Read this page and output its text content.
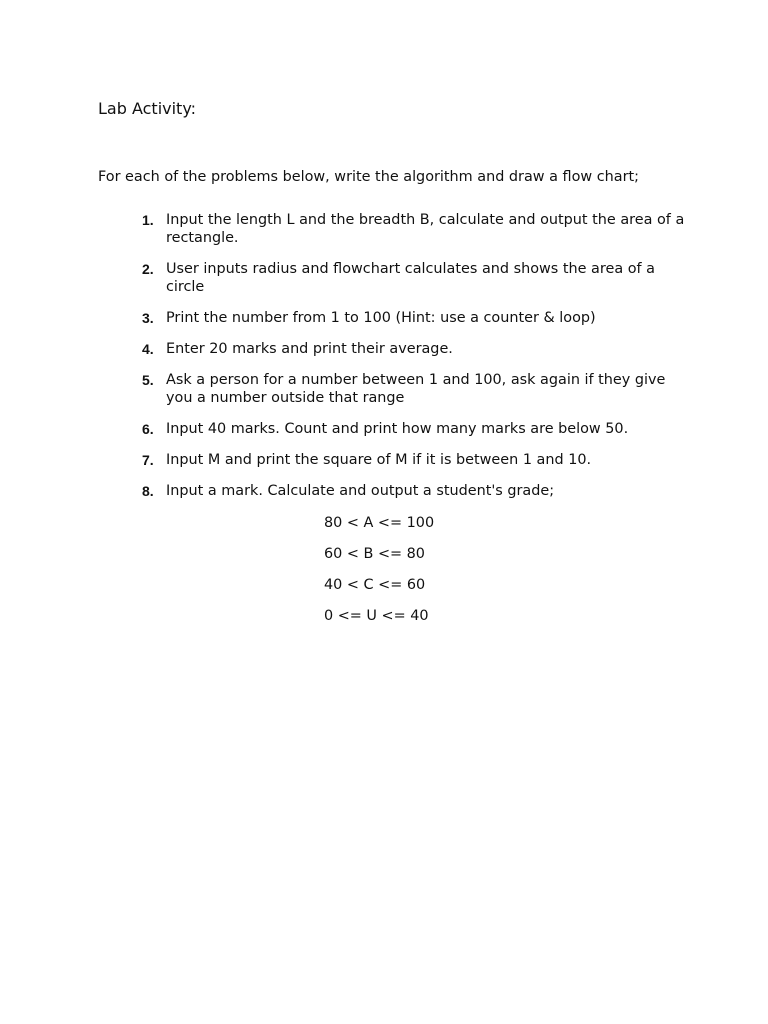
Lab Activity:
For each of the problems below, write the algorithm and draw a flow chart;
1. Input the length L and the breadth B, calculate and output the area of a rectangle.
2. User inputs radius and flowchart calculates and shows the area of a circle
3. Print the number from 1 to 100 (Hint: use a counter & loop)
4. Enter 20 marks and print their average.
5. Ask a person for a number between 1 and 100, ask again if they give you a number outside that range
6. Input 40 marks. Count and print how many marks are below 50.
7. Input M and print the square of M if it is between 1 and 10.
8. Input a mark. Calculate and output a student's grade;
80 < A <= 100
60 < B <= 80
40 < C <= 60
0 <= U <= 40
